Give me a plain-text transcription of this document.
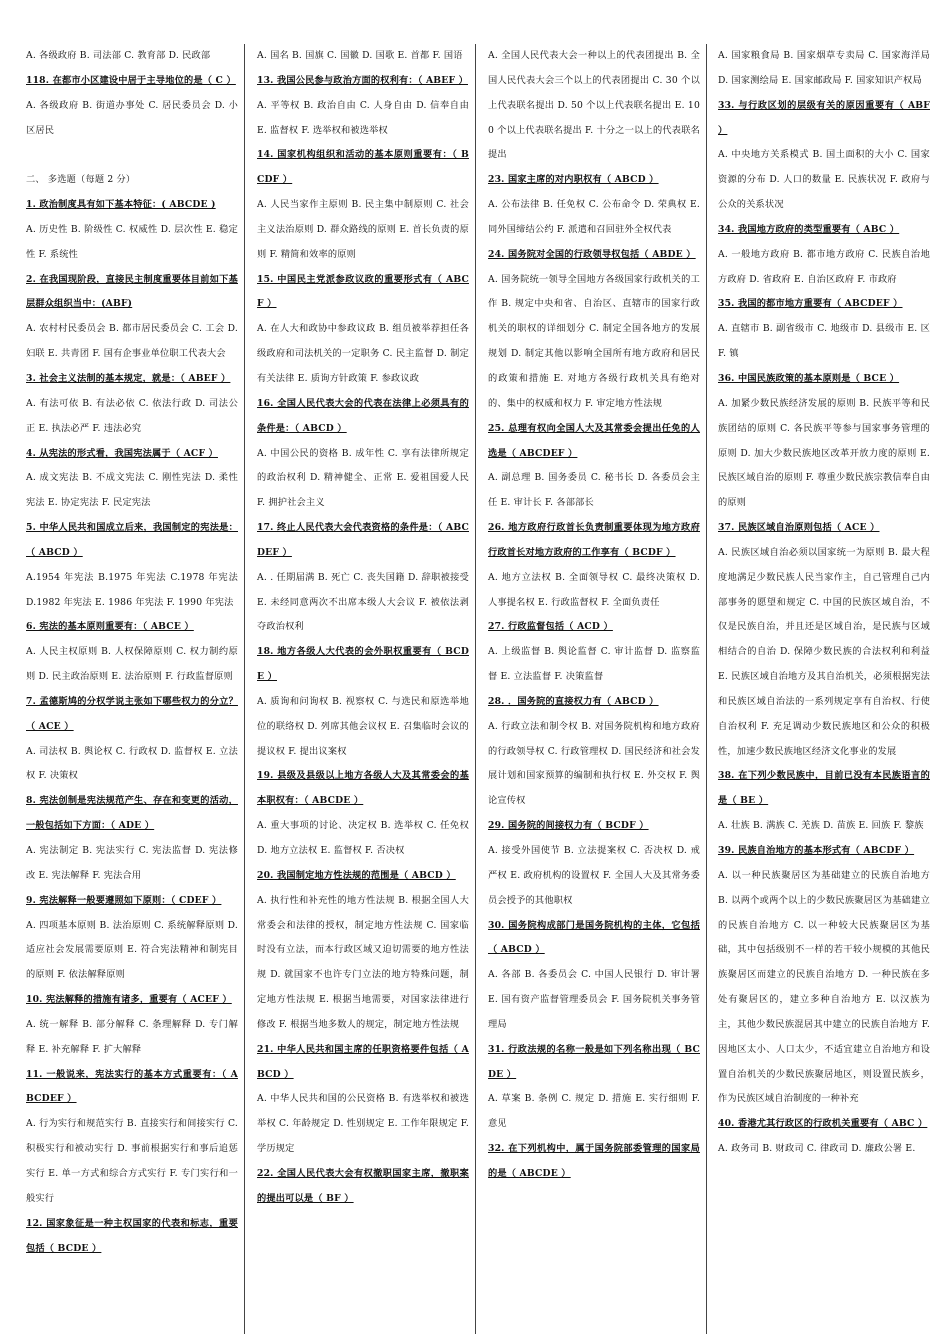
A. 各级政府 B. 司法部 C. 教育部 D. 民政部

118. 在都市小区建设中居于主导地位的是（ C ）

A. 各级政府 B. 街道办事处 C. 居民委员会 D. 小区居民

二、 多选题（每题 2 分）

1. 政治制度具有如下基本特征：( ABCDE )

A. 历史性 B. 阶级性 C. 权威性 D. 层次性 E. 稳定性 F. 系统性

2. 在我国现阶段，直接民主制度重要体目前如下基层群众组织当中：(ABF)

A. 农村村民委员会 B. 都市居民委员会 C. 工会 D. 妇联 E. 共青团 F. 国有企事业单位职工代表大会

3. 社会主义法制的基本规定，就是：（ ABEF ）

A. 有法可依 B. 有法必依 C. 依法行政 D. 司法公正 E. 执法必严 F. 违法必究

4. 从宪法的形式看，我国宪法属于（ ACF ）

A. 成文宪法 B. 不成文宪法 C. 刚性宪法 D. 柔性宪法 E. 协定宪法 F. 民定宪法

5. 中华人民共和国成立后来，我国制定的宪法是：（ ABCD ）

A.1954 年宪法 B.1975 年宪法 C.1978 年宪法 D.1982 年宪法 E. 1986 年宪法 F. 1990 年宪法

6. 宪法的基本原则重要有：（ ABCE ）

A. 人民主权原则 B. 人权保障原则 C. 权力制约原则 D. 民主政治原则 E. 法治原则 F. 行政监督原则

7. 孟德斯鸠的分权学说主张如下哪些权力的分立？（ ACE ）

A. 司法权 B. 舆论权 C. 行政权 D. 监督权 E. 立法权 F. 决策权

8. 宪法创制是宪法规范产生、存在和变更的活动，一般包括如下方面：（ ADE ）

A. 宪法制定 B. 宪法实行 C. 宪法监督 D. 宪法修改 E. 宪法解释 F. 宪法合用

9. 宪法解释一般要遵照如下原则：（ CDEF ）

A. 四项基本原则 B. 法治原则 C. 系统解释原则 D. 适应社会发展需要原则 E. 符合宪法精神和制宪目的原则 F. 依法解释原则

10. 宪法解释的措施有诸多，重要有（ ACEF ）

A. 统一解释 B. 部分解释 C. 条理解释 D. 专门解释 E. 补充解释 F. 扩大解释

11. 一般说来，宪法实行的基本方式重要有：（ ABCDEF ）

A. 行为实行和规范实行 B. 直接实行和间接实行 C. 积极实行和被动实行 D. 事前根据实行和事后追惩实行 E. 单一方式和综合方式实行 F. 专门实行和一般实行

12. 国家象征是一种主权国家的代表和标志，重要包括（ BCDE ）

A. 国名 B. 国旗 C. 国徽 D. 国歌 E. 首都 F. 国语

13. 我国公民参与政治方面的权利有：（ ABEF ）

A. 平等权 B. 政治自由 C. 人身自由 D. 信奉自由 E. 监督权 F. 选举权和被选举权

14. 国家机构组织和活动的基本原则重要有：（ BCDF ）

A. 人民当家作主原则 B. 民主集中制原则 C. 社会主义法治原则 D. 群众路线的原则 E. 首长负责的原则 F. 精简和效率的原则

15. 中国民主党派参政议政的重要形式有（ ABCF ）

A. 在人大和政协中参政议政 B. 组员被举荐担任各级政府和司法机关的一定职务 C. 民主监督 D. 制定有关法律 E. 质询方针政策 F. 参政议政

16. 全国人民代表大会的代表在法律上必须具有的条件是：（ ABCD ）

A. 中国公民的资格 B. 成年性 C. 享有法律所规定的政治权利 D. 精神健全、正常 E. 爱祖国爱人民 F. 拥护社会主义

17. 终止人民代表大会代表资格的条件是：（ ABCDEF ）

A. . 任期届满 B. 死亡 C. 丧失国籍 D. 辞职被接受 E. 未经同意两次不出席本级人大会议 F. 被依法剥夺政治权利

18. 地方各级人大代表的会外职权重要有（ BCDE ）

A. 质询和问询权 B. 视察权 C. 与选民和原选举地位的联络权 D. 列席其他会议权 E. 召集临时会议的提议权 F. 提出议案权

19. 县级及县级以上地方各级人大及其常委会的基本职权有：（ ABCDE ）

A. 重大事项的讨论、决定权 B. 选举权 C. 任免权 D. 地方立法权 E. 监督权 F. 否决权

20. 我国制定地方性法规的范围是（ ABCD ）

A. 执行性和补充性的地方性法规 B. 根据全国人大常委会和法律的授权，制定地方性法规 C. 国家临时没有立法，而本行政区域又迫切需要的地方性法规 D. 就国家不也许专门立法的地方特殊问题，制定地方性法规 E. 根据当地需要，对国家法律进行修改 F. 根据当地多数人的规定，制定地方性法规

21. 中华人民共和国主席的任职资格要件包括（ ABCD ）

A. 中华人民共和国的公民资格 B. 有选举权和被选举权 C. 年龄规定 D. 性别规定 E. 工作年限规定 F. 学历规定

22. 全国人民代表大会有权撤职国家主席，撤职案的提出可以是（ BF ）

A. 全国人民代表大会一种以上的代表团提出 B. 全国人民代表大会三个以上的代表团提出 C. 30 个以上代表联名提出 D. 50 个以上代表联名提出 E. 100 个以上代表联名提出 F. 十分之一以上的代表联名提出

23. 国家主席的对内职权有（ ABCD ）

A. 公布法律 B. 任免权 C. 公布命令 D. 荣典权 E. 同外国缔结公约 F. 派遣和召回驻外全权代表

24. 国务院对全国的行政领导权包括（ ABDE ）

A. 国务院统一领导全国地方各级国家行政机关的工作 B. 规定中央和省、自治区、直辖市的国家行政机关的职权的详细划分 C. 制定全国各地方的发展规划 D. 制定其他以影响全国所有地方政府和居民的政策和措施 E. 对地方各级行政机关具有绝对的、集中的权威和权力 F. 审定地方性法规

25. 总理有权向全国人大及其常委会提出任免的人选是（ ABCDEF ）

A. 副总理 B. 国务委员 C. 秘书长 D. 各委员会主任 E. 审计长 F. 各部部长

26. 地方政府行政首长负责制重要体现为地方政府行政首长对地方政府的工作享有（ BCDF ）

A. 地方立法权 B. 全面领导权 C. 最终决策权 D. 人事提名权 E. 行政监督权 F. 全面负责任

27. 行政监督包括（ ACD ）

A. 上级监督 B. 舆论监督 C. 审计监督 D. 监察监督 E. 立法监督 F. 决策监督

28. ．国务院的直接权力有（ ABCD ）

A. 行政立法和制令权 B. 对国务院机构和地方政府的行政领导权 C. 行政管理权 D. 国民经济和社会发展计划和国家预算的编制和执行权 E. 外交权 F. 舆论宣传权

29. 国务院的间接权力有（ BCDF ）

A. 接受外国使节 B. 立法提案权 C. 否决权 D. 戒严权 E. 政府机构的设置权 F. 全国人大及其常务委员会授予的其他职权

30. 国务院构成部门是国务院机构的主体，它包括（ ABCD ）

A. 各部 B. 各委员会 C. 中国人民银行 D. 审计署 E. 国有资产监督管理委员会 F. 国务院机关事务管理局

31. 行政法规的名称一般是如下列名称出现（ BCDE ）

A. 草案 B. 条例 C. 规定 D. 措施 E. 实行细则 F. 意见

32. 在下列机构中，属于国务院部委管理的国家局的是（ ABCDE ）

A. 国家粮食局 B. 国家烟草专卖局 C. 国家海洋局 D. 国家测绘局 E. 国家邮政局 F. 国家知识产权局

33. 与行政区划的层级有关的原因重要有（ ABF ）

A. 中央地方关系模式 B. 国土面积的大小 C. 国家资源的分布 D. 人口的数量 E. 民族状况 F. 政府与公众的关系状况

34. 我国地方政府的类型重要有（ ABC ）

A. 一般地方政府 B. 都市地方政府 C. 民族自治地方政府 D. 省政府 E. 自治区政府 F. 市政府

35. 我国的都市地方重要有（ ABCDEF ）

A. 直辖市 B. 副省级市 C. 地级市 D. 县级市 E. 区 F. 镇

36. 中国民族政策的基本原则是（ BCE ）

A. 加紧少数民族经济发展的原则 B. 民族平等和民族团结的原则 C. 各民族平等参与国家事务管理的原则 D. 加大少数民族地区改革开放力度的原则 E. 民族区域自治的原则 F. 尊重少数民族宗教信奉自由的原则

37. 民族区域自治原则包括（ ACE ）

A. 民族区域自治必须以国家统一为原则 B. 最大程度地满足少数民族人民当家作主，自己管理自己内部事务的愿望和规定 C. 中国的民族区域自治，不仅是民族自治，并且还是区域自治，是民族与区域相结合的自治 D. 保障少数民族的合法权利和利益 E. 民族区域自治地方及其自治机关，必须根据宪法和民族区域自治法的一系列规定享有自治权、行使自治权利 F. 充足调动少数民族地区和公众的积极性，加速少数民族地区经济文化事业的发展

38. 在下列少数民族中，目前已没有本民族语言的是（ BE ）

A. 壮族 B. 满族 C. 羌族 D. 苗族 E. 回族 F. 黎族

39. 民族自治地方的基本形式有（ ABCDF ）

A. 以一种民族聚居区为基础建立的民族自治地方 B. 以两个或两个以上的少数民族聚居区为基础建立的民族自治地方 C. 以一种较大民族聚居区为基础，其中包括级别不一样的若干较小规模的其他民族聚居区而建立的民族自治地方 D. 一种民族在多处有聚居区的，建立多种自治地方 E. 以汉族为主，其他少数民族混居其中建立的民族自治地方 F. 因地区太小、人口太少，不适宜建立自治地方和设置自治机关的少数民族聚居地区，则设置民族乡，作为民族区域自治制度的一种补充

40. 香港尤其行政区的行政机关重要有（ ABC ）

A. 政务司 B. 财政司 C. 律政司 D. 廉政公署 E.
